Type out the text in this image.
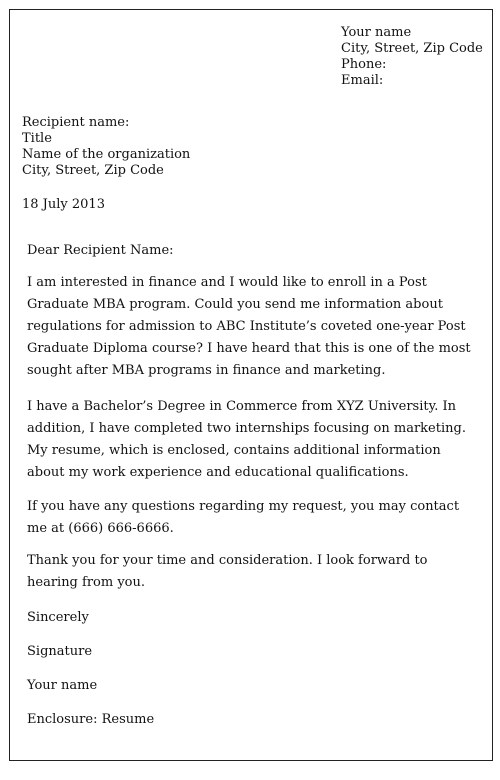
Your name
City, Street, Zip Code
Phone:
Email:
Recipient name:
Title
Name of the organization
City, Street, Zip Code
18 July 2013

Dear Recipient Name:

I am interested in finance and I would like to enroll in a Post Graduate MBA program. Could you send me information about regulations for admission to ABC Institute’s coveted one-year Post Graduate Diploma course? I have heard that this is one of the most sought after MBA programs in finance and marketing.

I have a Bachelor’s Degree in Commerce from XYZ University. In addition, I have completed two internships focusing on marketing. My resume, which is enclosed, contains additional information about my work experience and educational qualifications.

If you have any questions regarding my request, you may contact me at (666) 666-6666.

Thank you for your time and consideration. I look forward to hearing from you.

Sincerely

Signature

Your name

Enclosure: Resume
